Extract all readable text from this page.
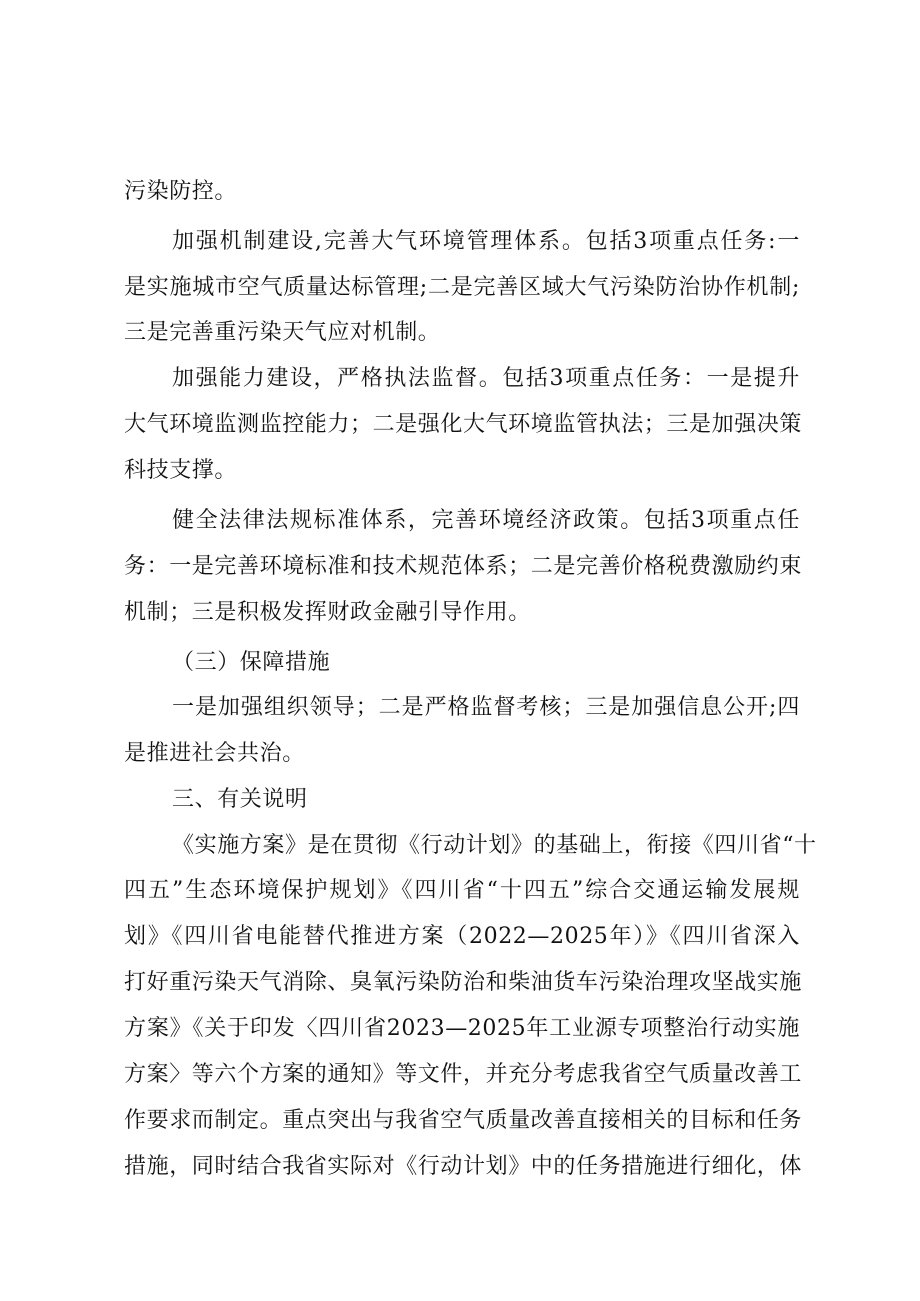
污染防控。
加强机制建设,完善大气环境管理体系。包括3项重点任务:一
是实施城市空气质量达标管理;二是完善区域大气污染防治协作机制;
三是完善重污染天气应对机制。
加强能力建设，严格执法监督。包括3项重点任务：一是提升
大气环境监测监控能力；二是强化大气环境监管执法；三是加强决策
科技支撑。
健全法律法规标准体系，完善环境经济政策。包括3项重点任
务：一是完善环境标准和技术规范体系；二是完善价格税费激励约束
机制；三是积极发挥财政金融引导作用。
（三）保障措施
一是加强组织领导；二是严格监督考核；三是加强信息公开;四
是推进社会共治。
三、有关说明
《实施方案》是在贯彻《行动计划》的基础上，衔接《四川省“十
四五”生态环境保护规划》《四川省“十四五”综合交通运输发展规
划》《四川省电能替代推进方案（2022—2025年）》《四川省深入
打好重污染天气消除、臭氧污染防治和柴油货车污染治理攻坚战实施
方案》《关于印发〈四川省2023—2025年工业源专项整治行动实施
方案〉等六个方案的通知》等文件，并充分考虑我省空气质量改善工
作要求而制定。重点突出与我省空气质量改善直接相关的目标和任务
措施，同时结合我省实际对《行动计划》中的任务措施进行细化，体
